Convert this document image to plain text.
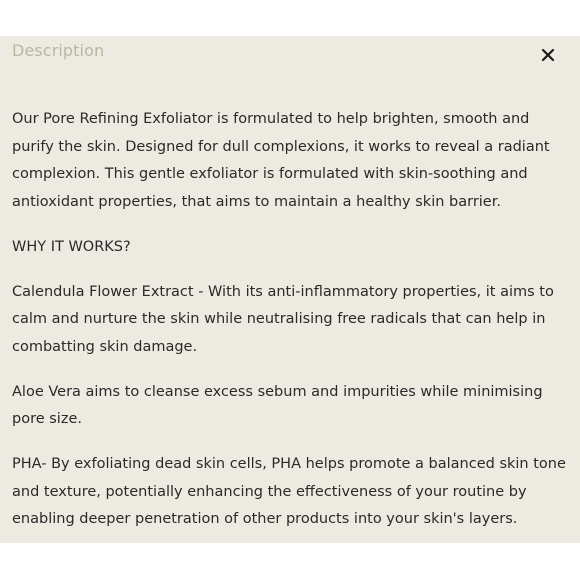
Description

Our Pore Refining Exfoliator is formulated to help brighten, smooth and purify the skin. Designed for dull complexions, it works to reveal a radiant complexion. This gentle exfoliator is formulated with skin-soothing and antioxidant properties, that aims to maintain a healthy skin barrier.

WHY IT WORKS?

Calendula Flower Extract - With its anti-inflammatory properties, it aims to calm and nurture the skin while neutralising free radicals that can help in combatting skin damage.

Aloe Vera aims to cleanse excess sebum and impurities while minimising pore size.

PHA- By exfoliating dead skin cells, PHA helps promote a balanced skin tone and texture, potentially enhancing the effectiveness of your routine by enabling deeper penetration of other products into your skin's layers.
